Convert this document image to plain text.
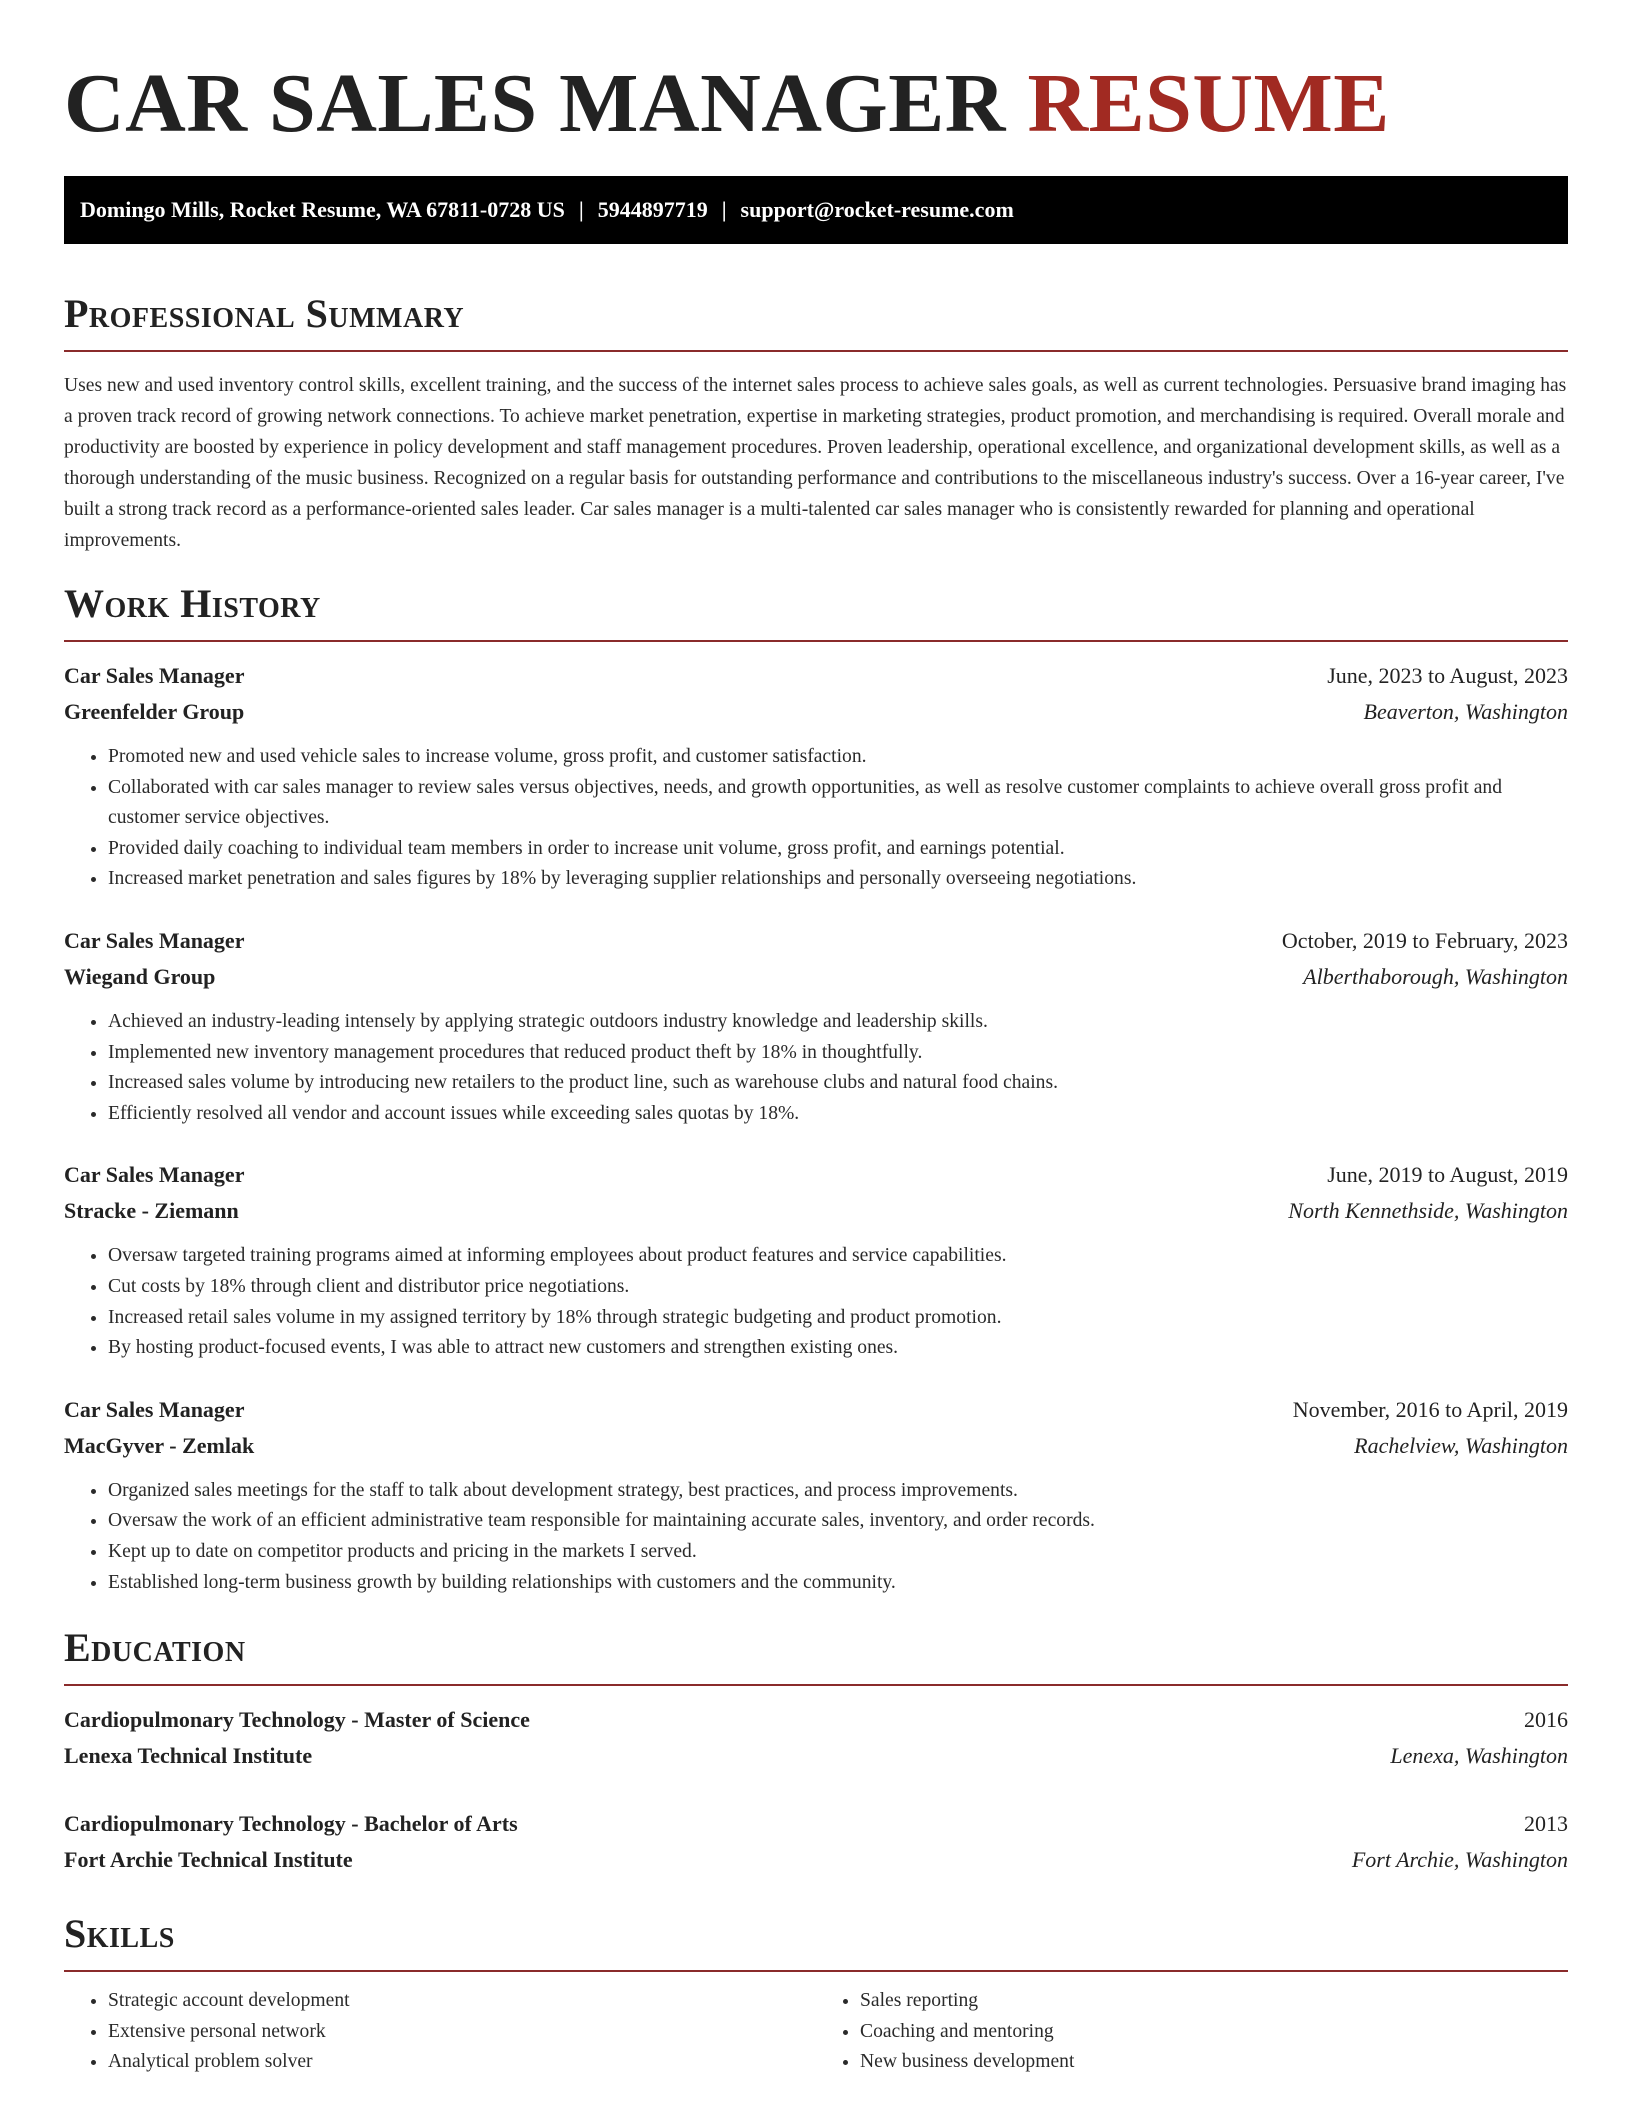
CAR SALES MANAGER RESUME
Domingo Mills, Rocket Resume, WA 67811-0728 US | 5944897719 | support@rocket-resume.com
Professional Summary

Uses new and used inventory control skills, excellent training, and the success of the internet sales process to achieve sales goals, as well as current technologies. Persuasive brand imaging has a proven track record of growing network connections. To achieve market penetration, expertise in marketing strategies, product promotion, and merchandising is required. Overall morale and productivity are boosted by experience in policy development and staff management procedures. Proven leadership, operational excellence, and organizational development skills, as well as a thorough understanding of the music business. Recognized on a regular basis for outstanding performance and contributions to the miscellaneous industry's success. Over a 16-year career, I've built a strong track record as a performance-oriented sales leader. Car sales manager is a multi-talented car sales manager who is consistently rewarded for planning and operational improvements.

Work History
Car Sales Manager	June, 2023 to August, 2023
Greenfelder Group	Beaverton, Washington
• Promoted new and used vehicle sales to increase volume, gross profit, and customer satisfaction.
• Collaborated with car sales manager to review sales versus objectives, needs, and growth opportunities, as well as resolve customer complaints to achieve overall gross profit and customer service objectives.
• Provided daily coaching to individual team members in order to increase unit volume, gross profit, and earnings potential.
• Increased market penetration and sales figures by 18% by leveraging supplier relationships and personally overseeing negotiations.
Car Sales Manager	October, 2019 to February, 2023
Wiegand Group	Alberthaborough, Washington
• Achieved an industry-leading intensely by applying strategic outdoors industry knowledge and leadership skills.
• Implemented new inventory management procedures that reduced product theft by 18% in thoughtfully.
• Increased sales volume by introducing new retailers to the product line, such as warehouse clubs and natural food chains.
• Efficiently resolved all vendor and account issues while exceeding sales quotas by 18%.
Car Sales Manager	June, 2019 to August, 2019
Stracke - Ziemann	North Kennethside, Washington
• Oversaw targeted training programs aimed at informing employees about product features and service capabilities.
• Cut costs by 18% through client and distributor price negotiations.
• Increased retail sales volume in my assigned territory by 18% through strategic budgeting and product promotion.
• By hosting product-focused events, I was able to attract new customers and strengthen existing ones.
Car Sales Manager	November, 2016 to April, 2019
MacGyver - Zemlak	Rachelview, Washington
• Organized sales meetings for the staff to talk about development strategy, best practices, and process improvements.
• Oversaw the work of an efficient administrative team responsible for maintaining accurate sales, inventory, and order records.
• Kept up to date on competitor products and pricing in the markets I served.
• Established long-term business growth by building relationships with customers and the community.
Education
Cardiopulmonary Technology - Master of Science	2016
Lenexa Technical Institute	Lenexa, Washington
Cardiopulmonary Technology - Bachelor of Arts	2013
Fort Archie Technical Institute	Fort Archie, Washington
Skills
• Strategic account development
• Extensive personal network
• Analytical problem solver
• Sales reporting
• Coaching and mentoring
• New business development
